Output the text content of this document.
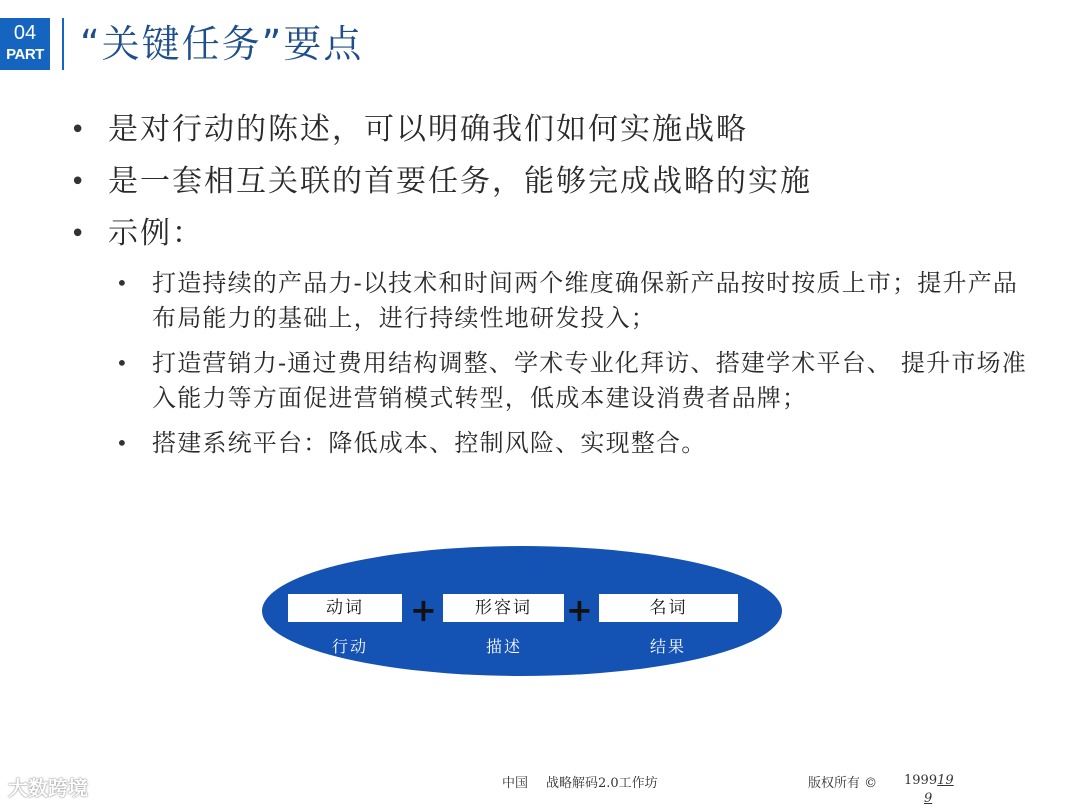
04
PART “关键任务”要点
• 是对行动的陈述，可以明确我们如何实施战略
• 是一套相互关联的首要任务，能够完成战略的实施
• 示例：
• 打造持续的产品力-以技术和时间两个维度确保新产品按时按质上市；提升产品布局能力的基础上，进行持续性地研发投入；
• 打造营销力-通过费用结构调整、学术专业化拜访、搭建学术平台、 提升市场准入能力等方面促进营销模式转型，低成本建设消费者品牌；
• 搭建系统平台：降低成本、控制风险、实现整合。
动词	+	形容词	+	名词
行动	描述	结果
大数跨境	中国 战略解码2.0工作坊	版权所有 © 199919
9
